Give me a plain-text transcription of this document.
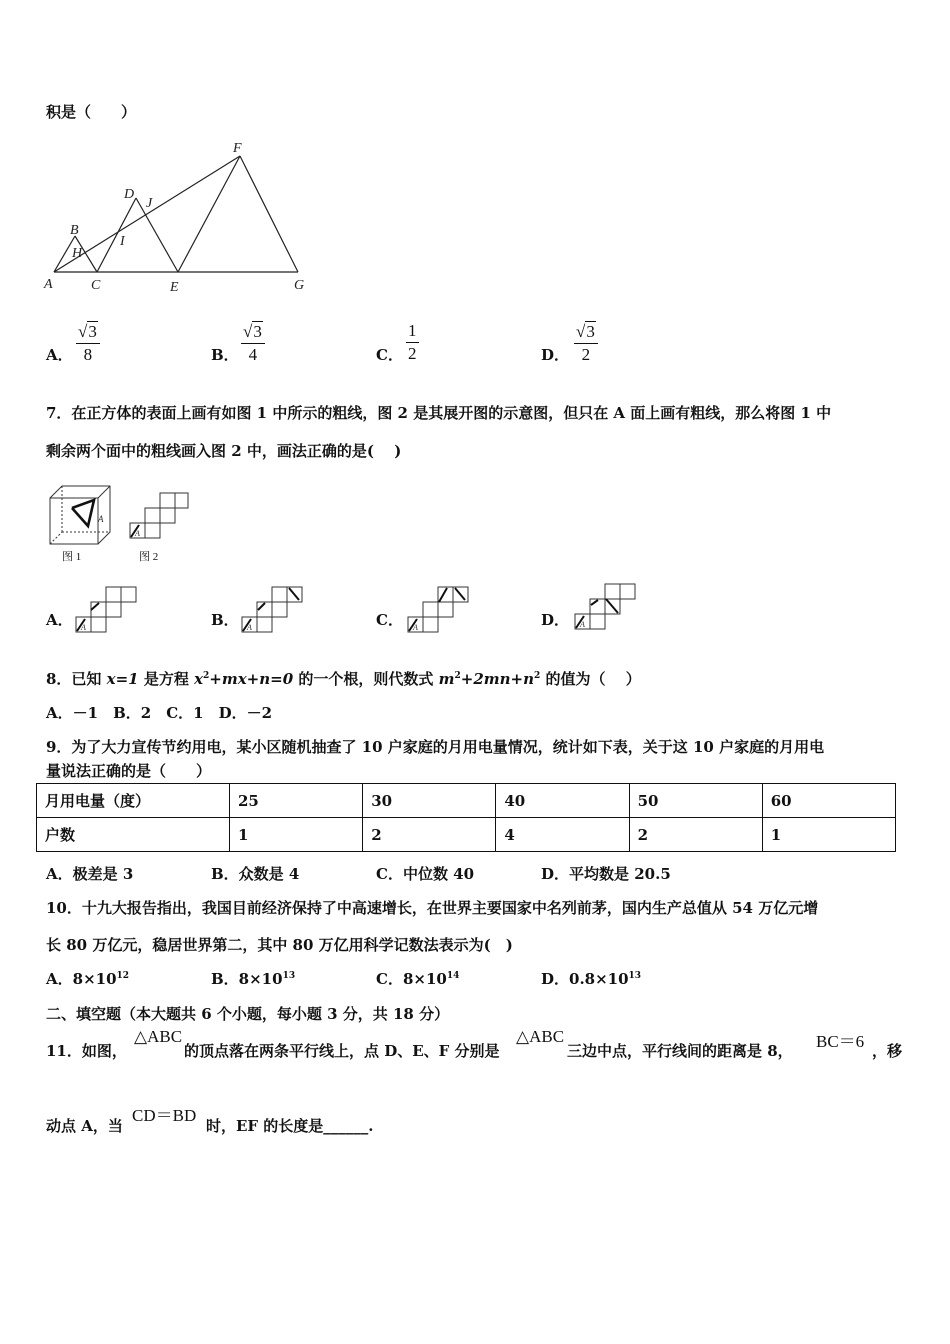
积是（　　）
A
B
H
C
I
D
J
E
F
G
A．
√3
8	B．
√3
4	C．
1
2	D．
√3
2
7．在正方体的表面上画有如图 1 中所示的粗线，图 2 是其展开图的示意图，但只在 A 面上画有粗线，那么将图 1 中
剩余两个面中的粗线画入图 2 中，画法正确的是(　 )
A
图 1
A
图 2
A． A	B． A	C． A	D． A
8．已知 x=1 是方程 $x^2+mx+n=0$ 的一个根，则代数式 $m^2+2mn+n^2$ 的值为（　 ）
A．－1　B．2　C．1　D．－2
9．为了大力宣传节约用电，某小区随机抽查了 10 户家庭的月用电量情况，统计如下表，关于这 10 户家庭的月用电
量说法正确的是（　　）
月用电量（度）	25	30	40	50	60
户数	1	2	4	2	1
A．极差是 3	B．众数是 4	C．中位数 40	D．平均数是 20.5
10．十九大报告指出，我国目前经济保持了中高速增长，在世界主要国家中名列前茅，国内生产总值从 54 万亿元增
长 80 万亿元，稳居世界第二，其中 80 万亿用科学记数法表示为(　)
A．$8\times 10^{12}$	B．$8\times 10^{13}$	C．$8\times 10^{14}$	D．$0.8\times 10^{13}$
二、填空题（本大题共 6 个小题，每小题 3 分，共 18 分）
11．如图，
△ABC
的顶点落在两条平行线上，点 D、E、F 分别是
△ABC
三边中点，平行线间的距离是 8， BC＝6 ，移
动点 A，当
CD＝BD
时，EF 的长度是______.
